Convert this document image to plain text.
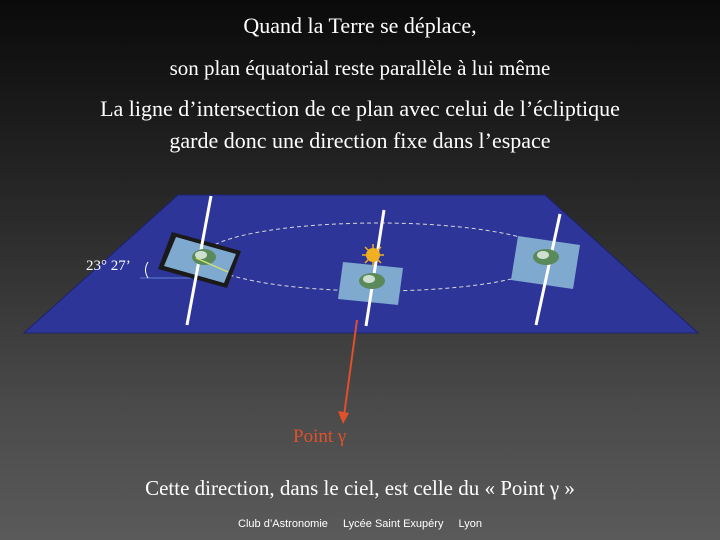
Quand la Terre se déplace,
son plan équatorial reste parallèle à lui même
La ligne d’intersection de ce plan avec celui de l’écliptique
garde donc une direction fixe dans l’espace
23° 27’
Point γ
Cette direction, dans le ciel, est celle du « Point γ »
Club d’Astronomie Lycée Saint Exupéry Lyon
